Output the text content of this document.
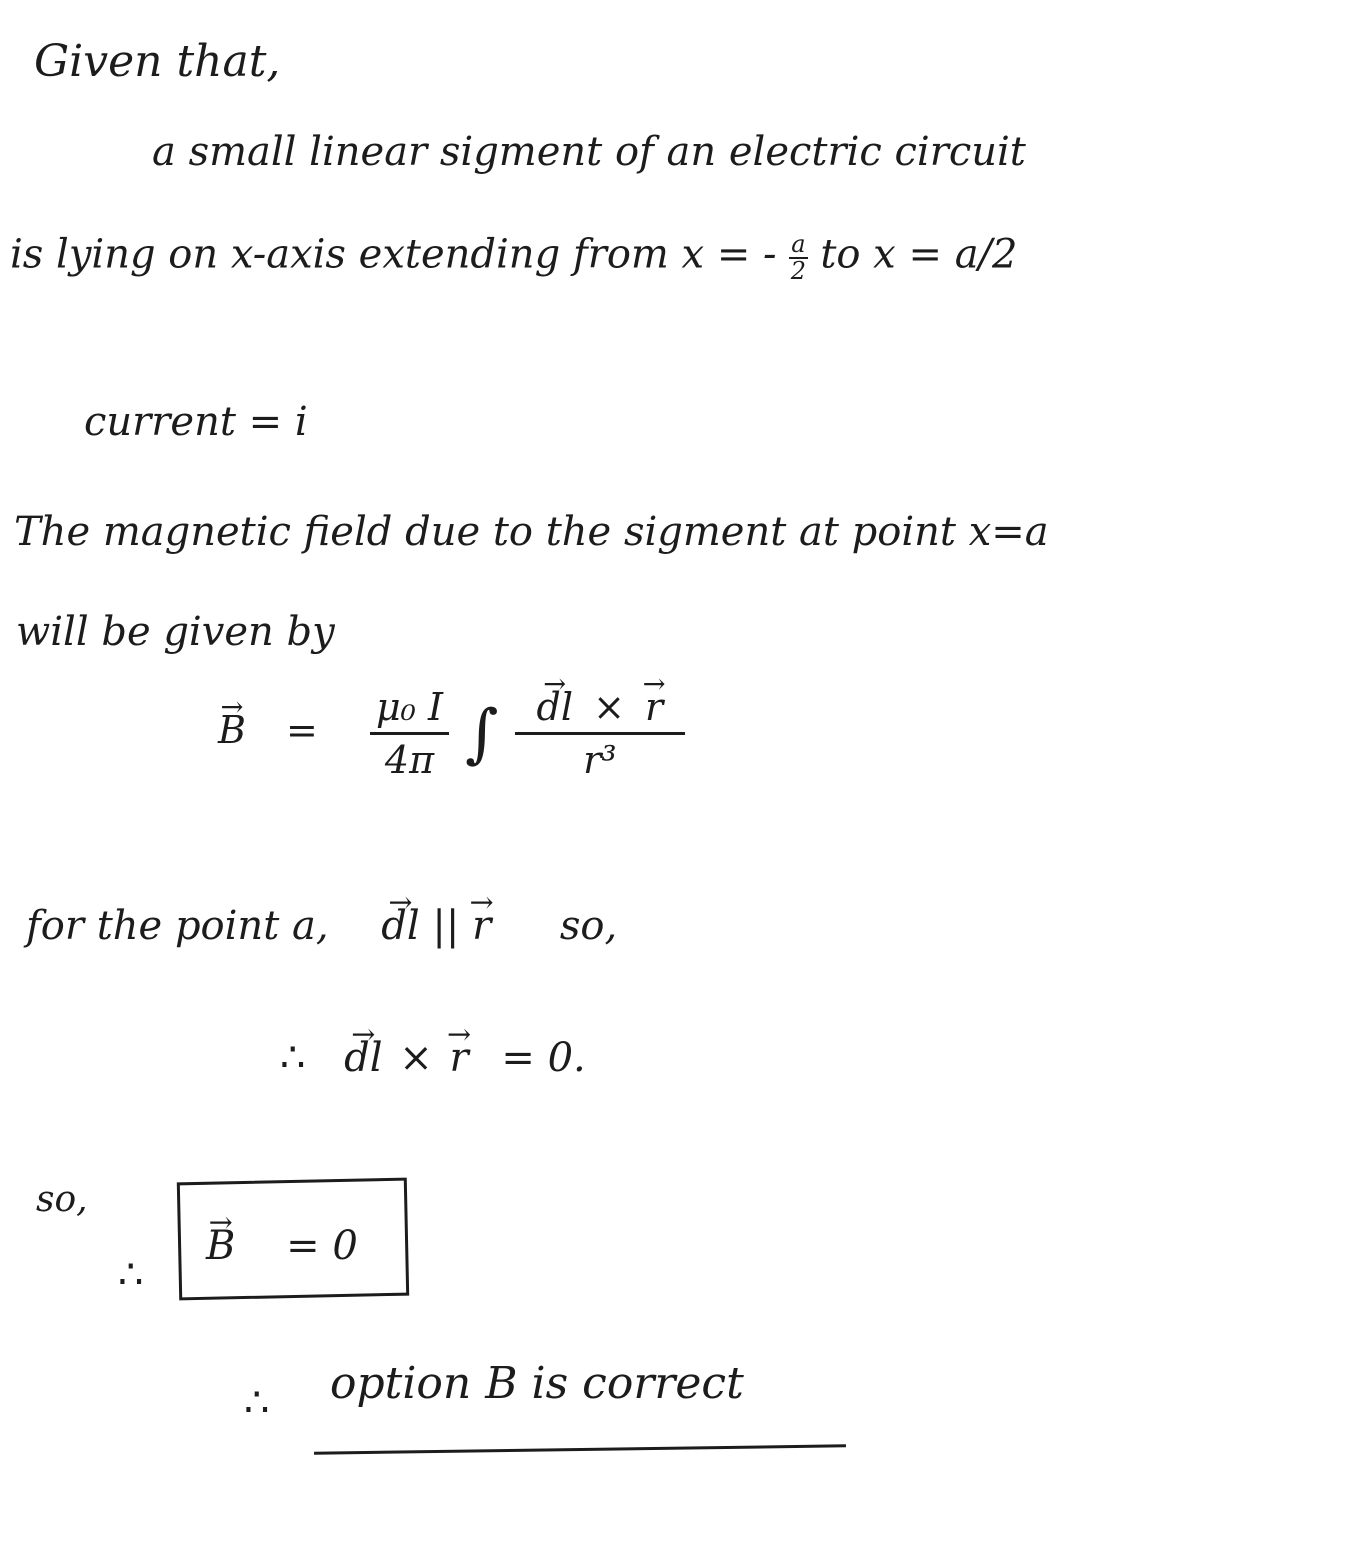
Given that,
a small linear sigment of an electric circuit
is lying on x-axis extending from x = - $\frac{a}{2}$ to x = a/2
current = i
The magnetic field due to the sigment at point x=a
will be given by
→ $B = \frac{\text{μ₀ I}}{4\pi}$ ∫ → $\frac{dl \times \to r}{\text{r³}}$
for the point a, → dl || → r so,
∴ → dl × → r = 0.
so,
∴
→ B = 0
∴ option B is correct
